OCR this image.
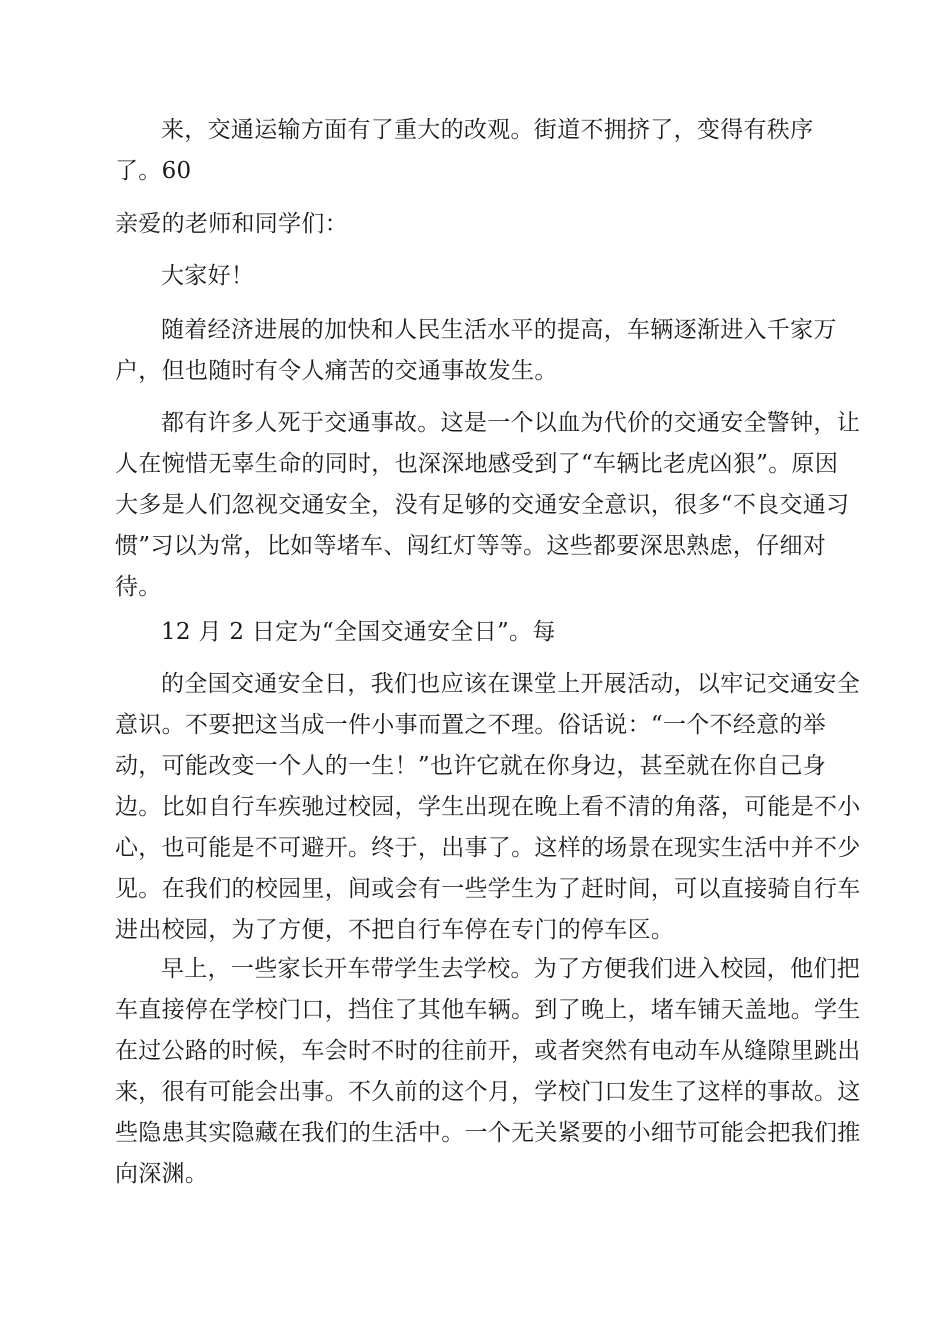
来，交通运输方面有了重大的改观。街道不拥挤了，变得有秩序
了。60

亲爱的老师和同学们：

大家好！

随着经济进展的加快和人民生活水平的提高，车辆逐渐进入千家万
户，但也随时有令人痛苦的交通事故发生。

都有许多人死于交通事故。这是一个以血为代价的交通安全警钟，让
人在惋惜无辜生命的同时，也深深地感受到了“车辆比老虎凶狠”。原因
大多是人们忽视交通安全，没有足够的交通安全意识，很多“不良交通习
惯”习以为常，比如等堵车、闯红灯等等。这些都要深思熟虑，仔细对
待。

12 月 2 日定为“全国交通安全日”。每

的全国交通安全日，我们也应该在课堂上开展活动，以牢记交通安全
意识。不要把这当成一件小事而置之不理。俗话说：“一个不经意的举
动，可能改变一个人的一生！”也许它就在你身边，甚至就在你自己身
边。比如自行车疾驰过校园，学生出现在晚上看不清的角落，可能是不小
心，也可能是不可避开。终于，出事了。这样的场景在现实生活中并不少
见。在我们的校园里，间或会有一些学生为了赶时间，可以直接骑自行车
进出校园，为了方便，不把自行车停在专门的停车区。

早上，一些家长开车带学生去学校。为了方便我们进入校园，他们把
车直接停在学校门口，挡住了其他车辆。到了晚上，堵车铺天盖地。学生
在过公路的时候，车会时不时的往前开，或者突然有电动车从缝隙里跳出
来，很有可能会出事。不久前的这个月，学校门口发生了这样的事故。这
些隐患其实隐藏在我们的生活中。一个无关紧要的小细节可能会把我们推
向深渊。
